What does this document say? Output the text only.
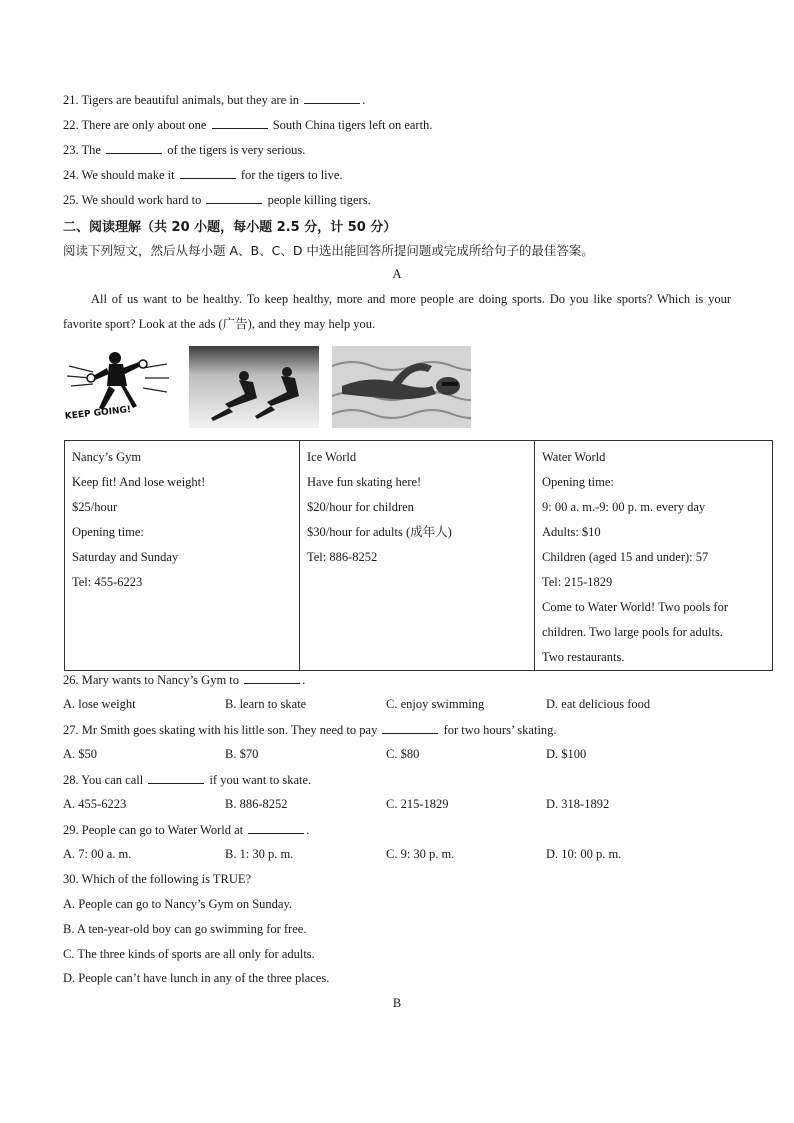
21. Tigers are beautiful animals, but they are in	.
22. There are only about one	South China tigers left on earth.
23. The	of the tigers is very serious.
24. We should make it	for the tigers to live.
25. We should work hard to	people killing tigers.
二、阅读理解（共 20 小题，每小题 2.5 分，计 50 分）
阅读下列短文，然后从每小题 A、B、C、D 中选出能回答所提问题或完成所给句子的最佳答案。
A
All of us want to be healthy. To keep healthy, more and more people are doing sports. Do you like sports? Which is your favorite sport? Look at the ads (广告), and they may help you.
KEEP GOING!
Nancy’s Gym
Keep fit! And lose weight!
$25/hour
Opening time:
Saturday and Sunday
Tel: 455-6223

Ice World
Have fun skating here!
$20/hour for children
$30/hour for adults (成年人)
Tel: 886-8252

Water World
Opening time:
9: 00 a. m.-9: 00 p. m. every day
Adults: $10
Children (aged 15 and under): 57
Tel: 215-1829
Come to Water World! Two pools for
children. Two large pools for adults.
Two restaurants.
26. Mary wants to Nancy’s Gym to	.
A. lose weight	B. learn to skate	C. enjoy swimming	D. eat delicious food
27. Mr Smith goes skating with his little son. They need to pay	for two hours’ skating.
A. $50	B. $70	C. $80	D. $100
28. You can call	if you want to skate.
A. 455-6223	B. 886-8252	C. 215-1829	D. 318-1892
29. People can go to Water World at	.
A. 7: 00 a. m.	B. 1: 30 p. m.	C. 9: 30 p. m.	D. 10: 00 p. m.
30. Which of the following is TRUE?
A. People can go to Nancy’s Gym on Sunday.
B. A ten-year-old boy can go swimming for free.
C. The three kinds of sports are all only for adults.
D. People can’t have lunch in any of the three places.
B
